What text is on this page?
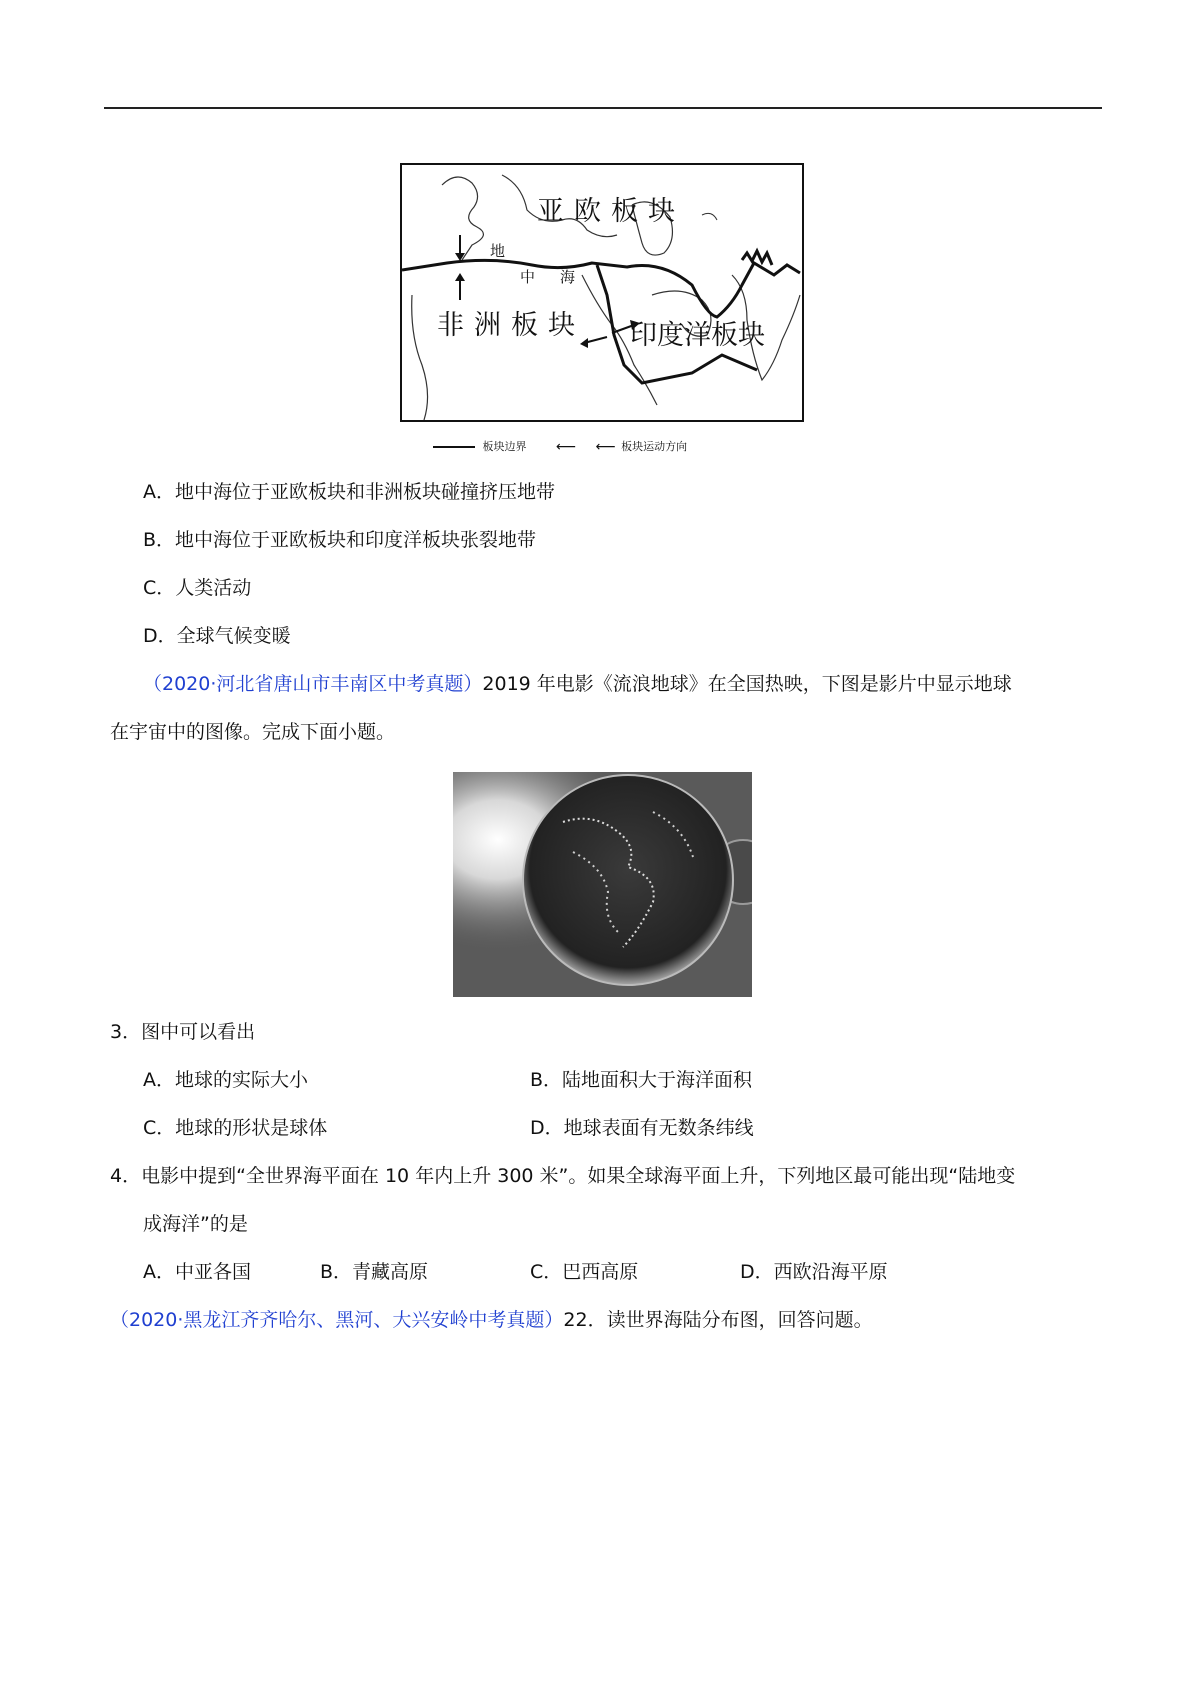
亚欧板块
非洲板块 印度洋板块
地
中 海
板块边界 ⟵ ⟵ 板块运动方向
A．地中海位于亚欧板块和非洲板块碰撞挤压地带
B．地中海位于亚欧板块和印度洋板块张裂地带
C．人类活动
D．全球气候变暖
（2020·河北省唐山市丰南区中考真题）2019 年电影《流浪地球》在全国热映，下图是影片中显示地球
在宇宙中的图像。完成下面小题。
3．图中可以看出
A．地球的实际大小	B．陆地面积大于海洋面积
C．地球的形状是球体	D．地球表面有无数条纬线
4．电影中提到“全世界海平面在 10 年内上升 300 米”。如果全球海平面上升，下列地区最可能出现“陆地变
成海洋”的是
A．中亚各国	B．青藏高原	C．巴西高原	D．西欧沿海平原
（2020·黑龙江齐齐哈尔、黑河、大兴安岭中考真题）22．读世界海陆分布图，回答问题。
